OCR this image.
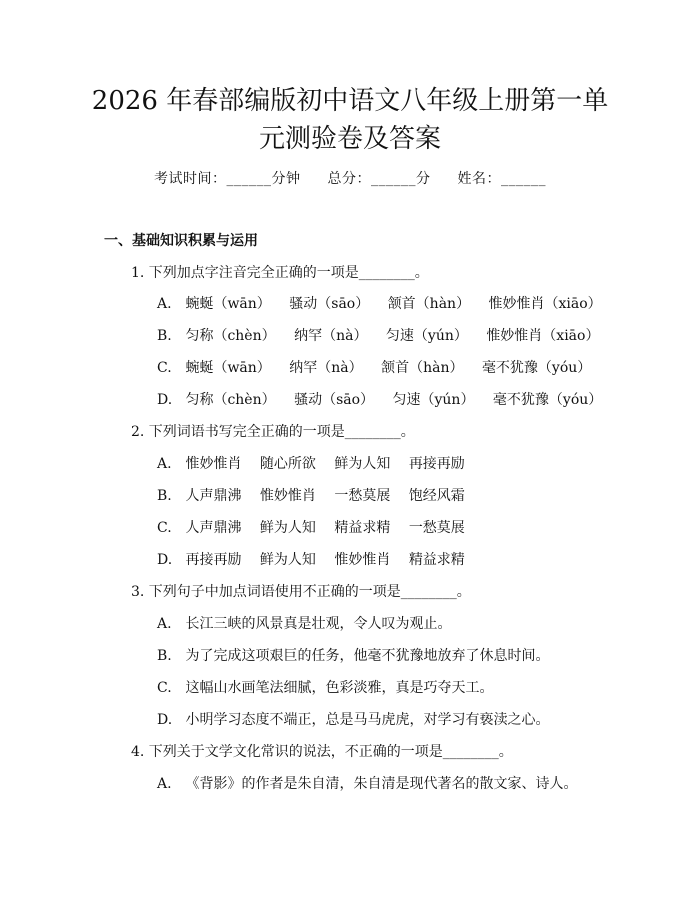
2026 年春部编版初中语文八年级上册第一单
元测验卷及答案
考试时间：______分钟 总分：______分 姓名：______
一、基础知识积累与运用
1. 下列加点字注音完全正确的一项是________。
A. 蜿蜒（wān） 骚动（sāo） 颔首（hàn） 惟妙惟肖（xiāo）
B. 匀称（chèn） 纳罕（nà） 匀速（yún） 惟妙惟肖（xiāo）
C. 蜿蜒（wān） 纳罕（nà） 颔首（hàn） 毫不犹豫（yóu）
D. 匀称（chèn） 骚动（sāo） 匀速（yún） 毫不犹豫（yóu）
2. 下列词语书写完全正确的一项是________。
A. 惟妙惟肖 随心所欲 鲜为人知 再接再励
B. 人声鼎沸 惟妙惟肖 一愁莫展 饱经风霜
C. 人声鼎沸 鲜为人知 精益求精 一愁莫展
D. 再接再励 鲜为人知 惟妙惟肖 精益求精
3. 下列句子中加点词语使用不正确的一项是________。
A. 长江三峡的风景真是壮观，令人叹为观止。
B. 为了完成这项艰巨的任务，他毫不犹豫地放弃了休息时间。
C. 这幅山水画笔法细腻，色彩淡雅，真是巧夺天工。
D. 小明学习态度不端正，总是马马虎虎，对学习有亵渎之心。
4. 下列关于文学文化常识的说法，不正确的一项是________。
A. 《背影》的作者是朱自清，朱自清是现代著名的散文家、诗人。
